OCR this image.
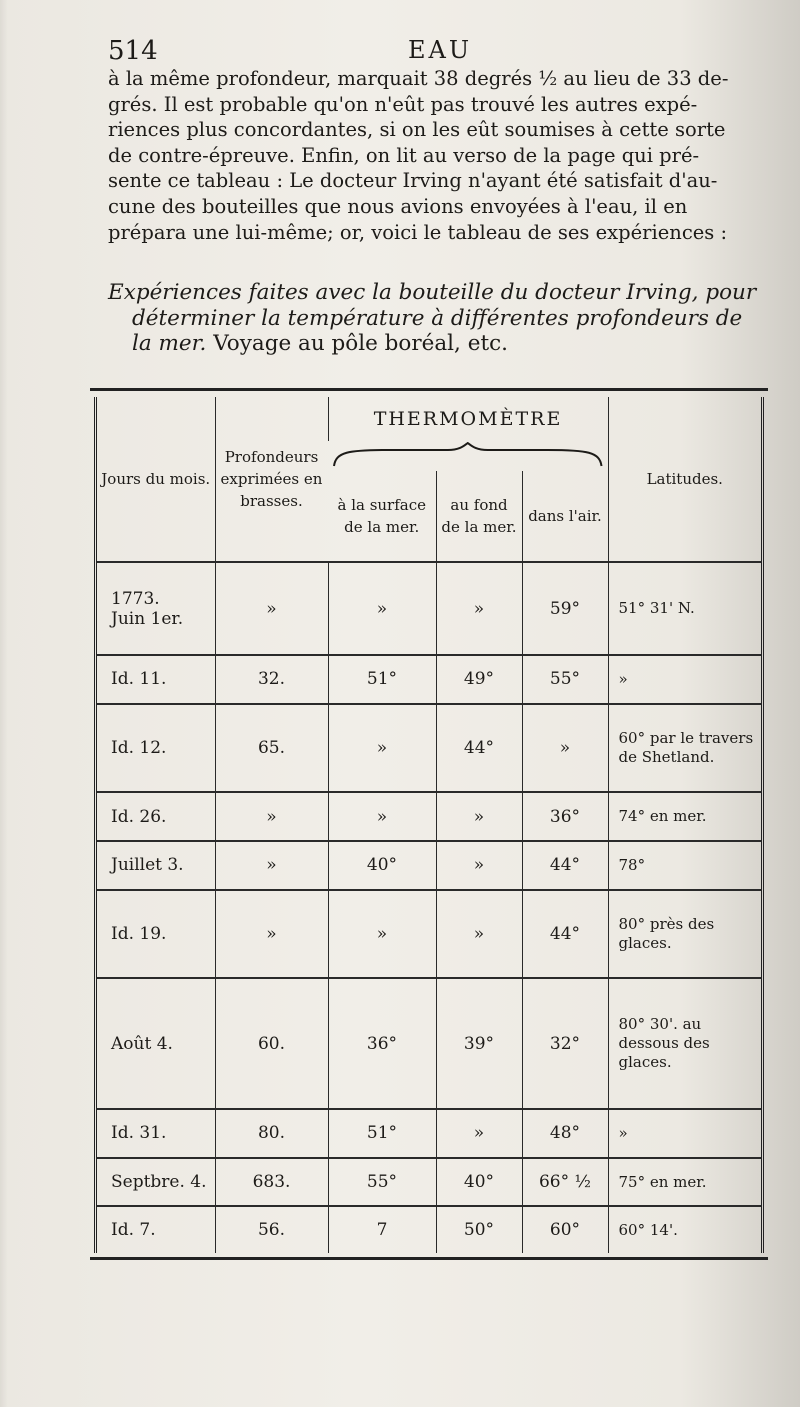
514	EAU

à la même profondeur, marquait 38 degrés ½ au lieu de 33 de-

grés. Il est probable qu'on n'eût pas trouvé les autres expé-

riences plus concordantes, si on les eût soumises à cette sorte

de contre-épreuve. Enfin, on lit au verso de la page qui pré-

sente ce tableau : Le docteur Irving n'ayant été satisfait d'au-

cune des bouteilles que nous avions envoyées à l'eau, il en

prépara une lui-même; or, voici le tableau de ses expériences :

Expériences faites avec la bouteille du docteur Irving, pour déterminer la température à différentes profondeurs de la mer. Voyage au pôle boréal, etc.

Jours du mois.	Profondeurs exprimées en brasses.	THERMOMÈTRE			Latitudes.

		à la surface de la mer.	au fond de la mer.	dans l'air.	

1773.
Juin 1er.	»	»	»	59°	51° 31' N.
Id. 11.	32.	51°	49°	55°	»
Id. 12.	65.	»	44°	»	60° par le travers de Shetland.
Id. 26.	»	»	»	36°	74° en mer.
Juillet 3.	»	40°	»	44°	78°
Id. 19.	»	»	»	44°	80° près des glaces.
Août 4.	60.	36°	39°	32°	80° 30'. au dessous des glaces.
Id. 31.	80.	51°	»	48°	»
Septbre. 4.	683.	55°	40°	66° ½	75° en mer.
Id. 7.	56.	7	50°	60°	60° 14'.
